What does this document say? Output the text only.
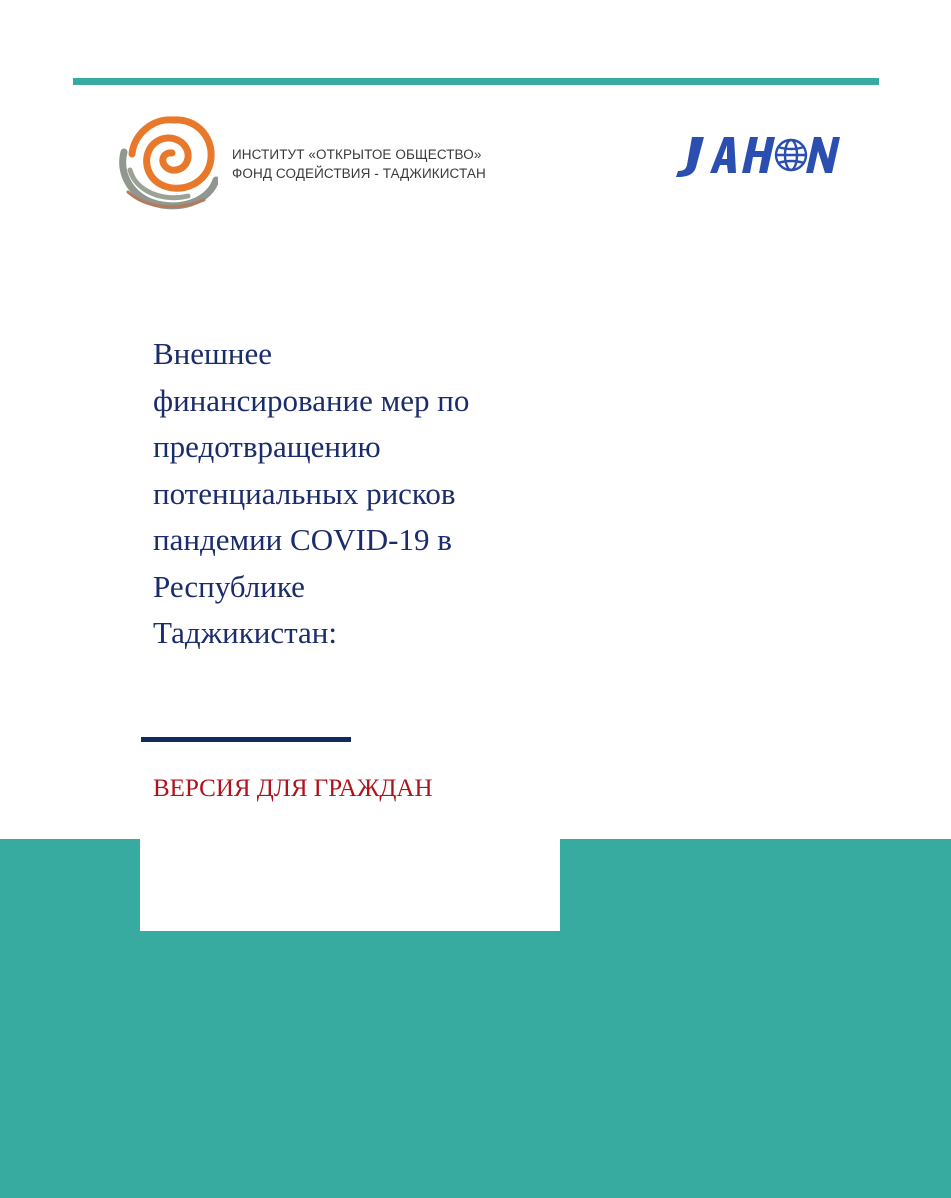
ИНСТИТУТ «ОТКРЫТОЕ ОБЩЕСТВО»
ФОНД СОДЕЙСТВИЯ - ТАДЖИКИСТАН
Внешнее
финансирование мер по
предотвращению
потенциальных рисков
пандемии COVID-19 в
Республике
Таджикистан:
ВЕРСИЯ ДЛЯ ГРАЖДАН
